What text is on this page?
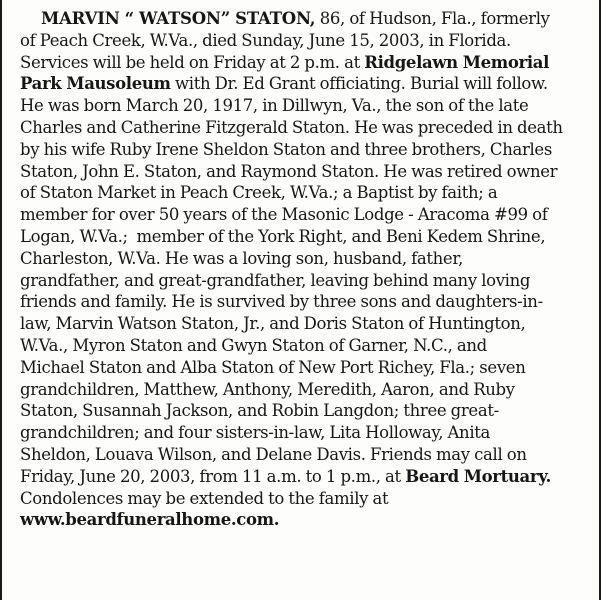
MARVIN “ WATSON” STATON, 86, of Hudson, Fla., formerly
of Peach Creek, W.Va., died Sunday, June 15, 2003, in Florida.
Services will be held on Friday at 2 p.m. at Ridgelawn Memorial
Park Mausoleum with Dr. Ed Grant officiating. Burial will follow.
He was born March 20, 1917, in Dillwyn, Va., the son of the late
Charles and Catherine Fitzgerald Staton. He was preceded in death
by his wife Ruby Irene Sheldon Staton and three brothers, Charles
Staton, John E. Staton, and Raymond Staton. He was retired owner
of Staton Market in Peach Creek, W.Va.; a Baptist by faith; a
member for over 50 years of the Masonic Lodge - Aracoma #99 of
Logan, W.Va.;  member of the York Right, and Beni Kedem Shrine,
Charleston, W.Va. He was a loving son, husband, father,
grandfather, and great-grandfather, leaving behind many loving
friends and family. He is survived by three sons and daughters-in-
law, Marvin Watson Staton, Jr., and Doris Staton of Huntington,
W.Va., Myron Staton and Gwyn Staton of Garner, N.C., and
Michael Staton and Alba Staton of New Port Richey, Fla.; seven
grandchildren, Matthew, Anthony, Meredith, Aaron, and Ruby
Staton, Susannah Jackson, and Robin Langdon; three great-
grandchildren; and four sisters-in-law, Lita Holloway, Anita
Sheldon, Louava Wilson, and Delane Davis. Friends may call on
Friday, June 20, 2003, from 11 a.m. to 1 p.m., at Beard Mortuary.
Condolences may be extended to the family at
www.beardfuneralhome.com.
